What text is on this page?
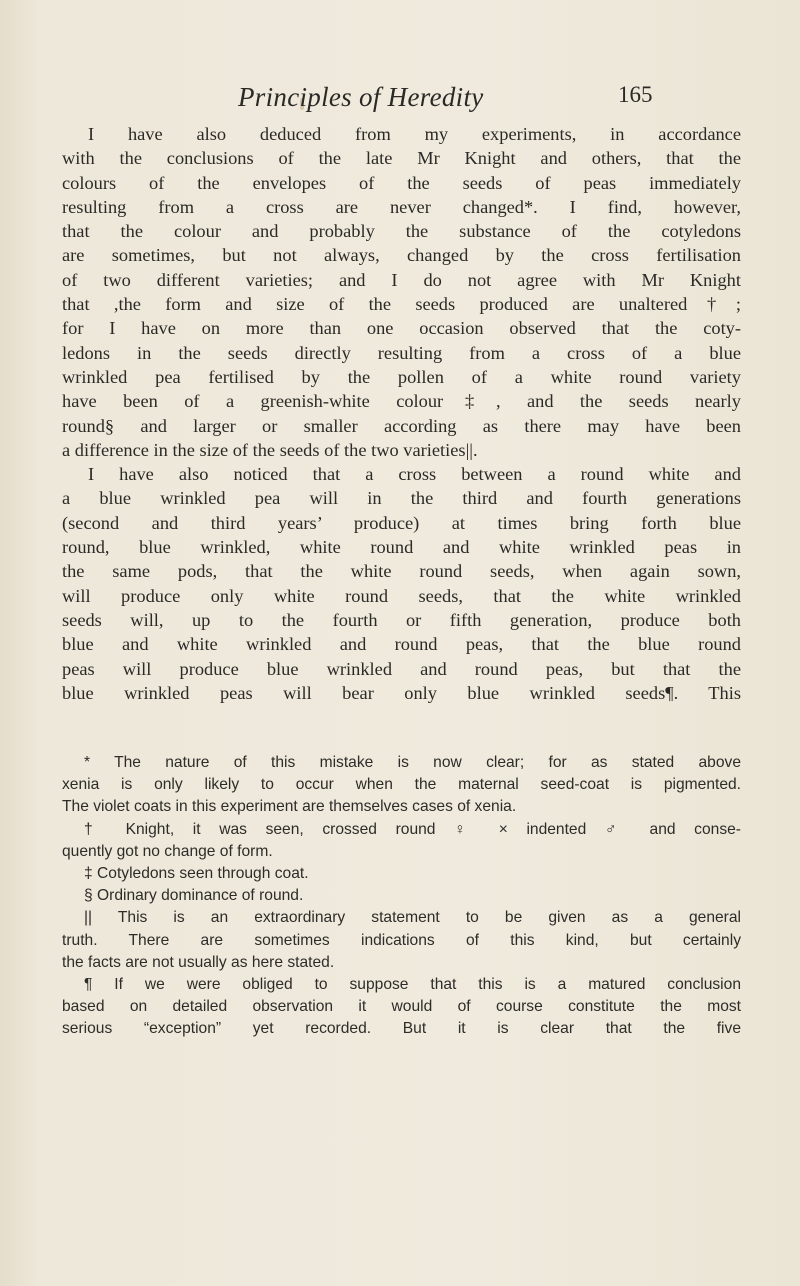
Principles of Heredity	165
I have also deduced from my experiments, in accordance
with the conclusions of the late Mr Knight and others, that the
colours of the envelopes of the seeds of peas immediately
resulting from a cross are never changed*. I find, however,
that the colour and probably the substance of the cotyledons
are sometimes, but not always, changed by the cross fertilisation
of two different varieties; and I do not agree with Mr Knight
that ,the form and size of the seeds produced are unaltered†;
for I have on more than one occasion observed that the coty-
ledons in the seeds directly resulting from a cross of a blue
wrinkled pea fertilised by the pollen of a white round variety
have been of a greenish-white colour‡, and the seeds nearly
round§ and larger or smaller according as there may have been
a difference in the size of the seeds of the two varieties||.
I have also noticed that a cross between a round white and
a blue wrinkled pea will in the third and fourth generations
(second and third years’ produce) at times bring forth blue
round, blue wrinkled, white round and white wrinkled peas in
the same pods, that the white round seeds, when again sown,
will produce only white round seeds, that the white wrinkled
seeds will, up to the fourth or fifth generation, produce both
blue and white wrinkled and round peas, that the blue round
peas will produce blue wrinkled and round peas, but that the
blue wrinkled peas will bear only blue wrinkled seeds¶. This
* The nature of this mistake is now clear; for as stated above
xenia is only likely to occur when the maternal seed-coat is pigmented.
The violet coats in this experiment are themselves cases of xenia.
† Knight, it was seen, crossed round ♀ × indented ♂ and conse-
quently got no change of form.
‡ Cotyledons seen through coat.
§ Ordinary dominance of round.
|| This is an extraordinary statement to be given as a general
truth. There are sometimes indications of this kind, but certainly
the facts are not usually as here stated.
¶ If we were obliged to suppose that this is a matured conclusion
based on detailed observation it would of course constitute the most
serious “exception” yet recorded. But it is clear that the five
